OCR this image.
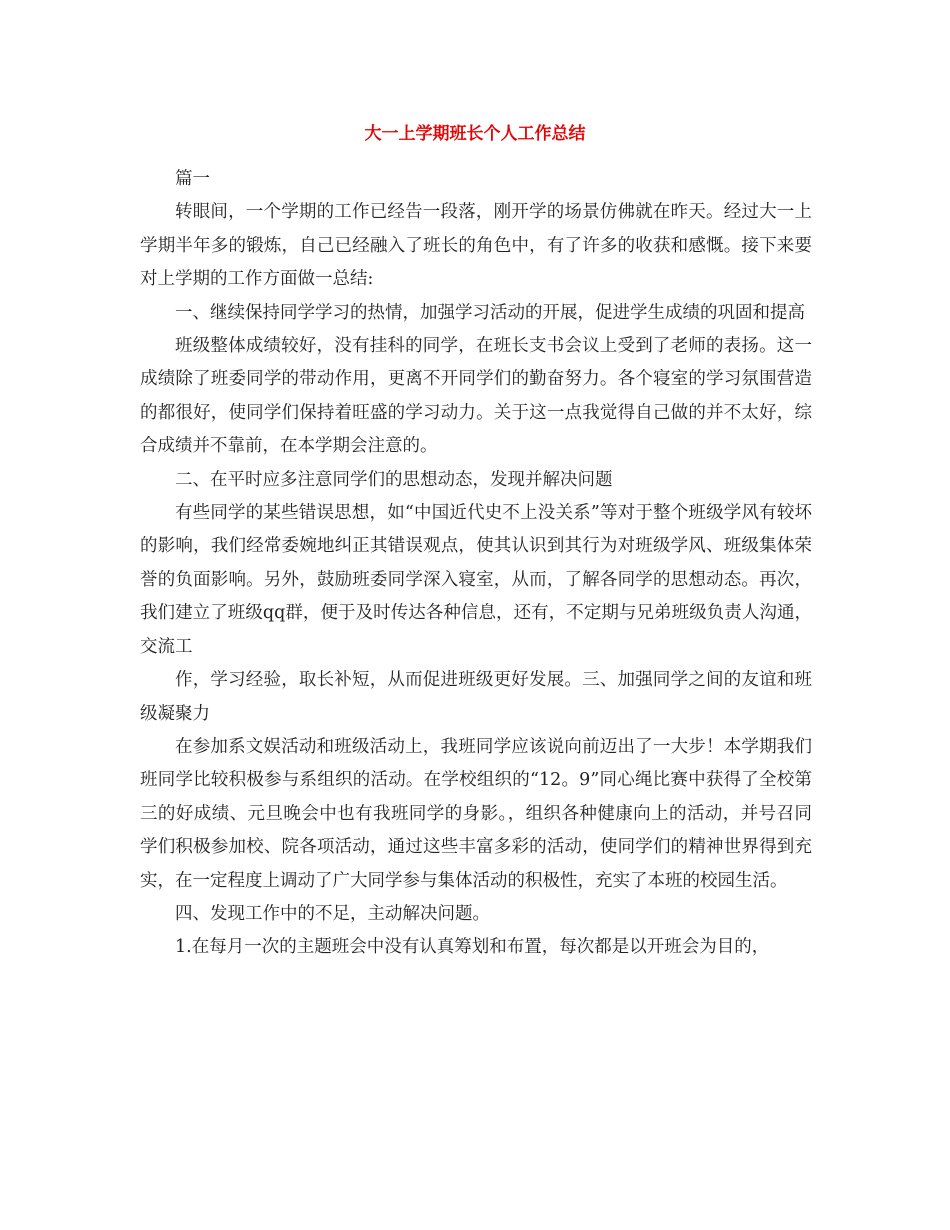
大一上学期班长个人工作总结

篇一

转眼间，一个学期的工作已经告一段落，刚开学的场景仿佛就在昨天。经过大一上学期半年多的锻炼，自己已经融入了班长的角色中，有了许多的收获和感慨。接下来要对上学期的工作方面做一总结:

一、继续保持同学学习的热情，加强学习活动的开展，促进学生成绩的巩固和提高

班级整体成绩较好，没有挂科的同学，在班长支书会议上受到了老师的表扬。这一成绩除了班委同学的带动作用，更离不开同学们的勤奋努力。各个寝室的学习氛围营造的都很好，使同学们保持着旺盛的学习动力。关于这一点我觉得自己做的并不太好，综合成绩并不靠前，在本学期会注意的。

二、在平时应多注意同学们的思想动态，发现并解决问题

有些同学的某些错误思想，如“中国近代史不上没关系”等对于整个班级学风有较坏的影响，我们经常委婉地纠正其错误观点，使其认识到其行为对班级学风、班级集体荣誉的负面影响。另外，鼓励班委同学深入寝室，从而，了解各同学的思想动态。再次，我们建立了班级qq群，便于及时传达各种信息，还有，不定期与兄弟班级负责人沟通，交流工

作，学习经验，取长补短，从而促进班级更好发展。三、加强同学之间的友谊和班级凝聚力

在参加系文娱活动和班级活动上，我班同学应该说向前迈出了一大步！本学期我们班同学比较积极参与系组织的活动。在学校组织的“12。9”同心绳比赛中获得了全校第三的好成绩、元旦晚会中也有我班同学的身影。，组织各种健康向上的活动，并号召同学们积极参加校、院各项活动，通过这些丰富多彩的活动，使同学们的精神世界得到充实，在一定程度上调动了广大同学参与集体活动的积极性，充实了本班的校园生活。

四、发现工作中的不足，主动解决问题。

1.在每月一次的主题班会中没有认真筹划和布置，每次都是以开班会为目的，
